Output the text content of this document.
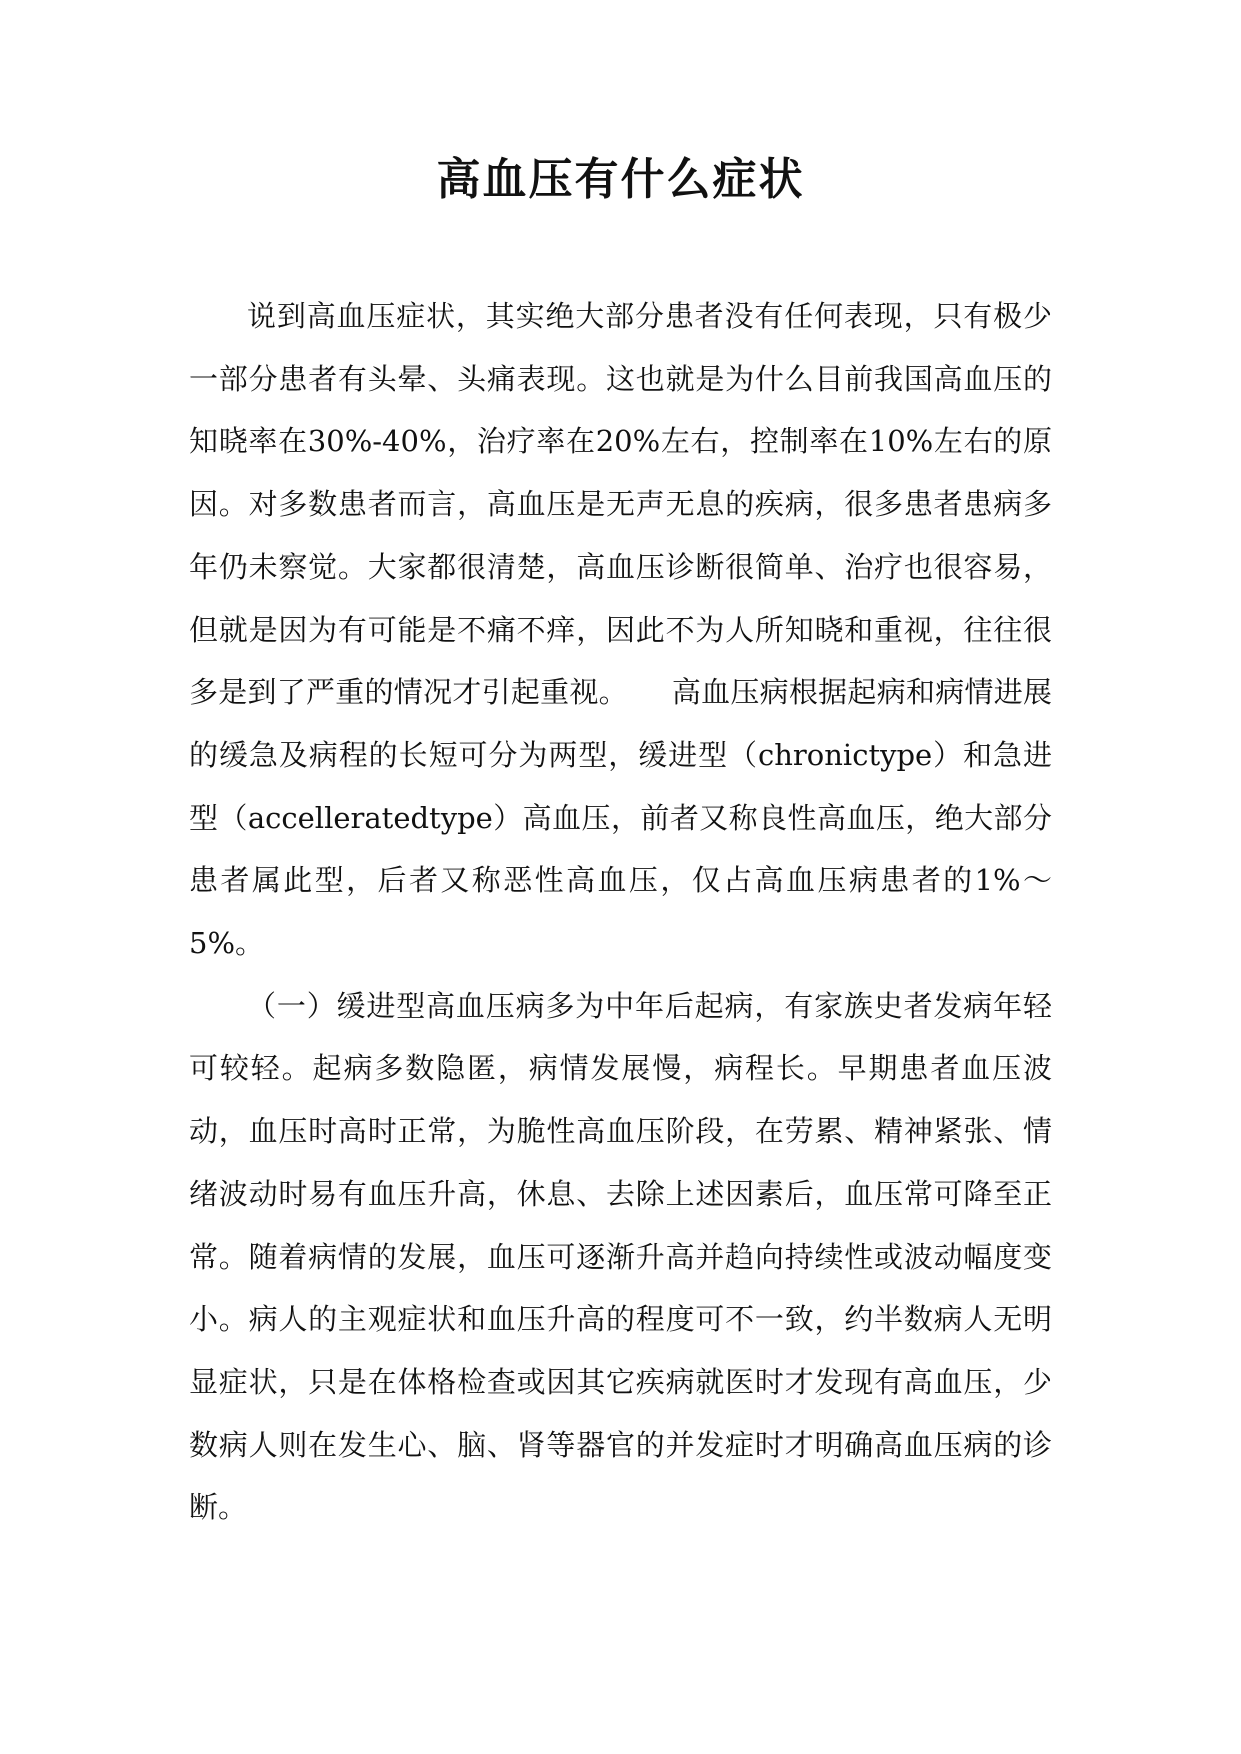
高血压有什么症状

说到高血压症状，其实绝大部分患者没有任何表现，只有极少一部分患者有头晕、头痛表现。这也就是为什么目前我国高血压的知晓率在30%-40%，治疗率在20%左右，控制率在10%左右的原因。对多数患者而言，高血压是无声无息的疾病，很多患者患病多年仍未察觉。大家都很清楚，高血压诊断很简单、治疗也很容易，但就是因为有可能是不痛不痒，因此不为人所知晓和重视，往往很多是到了严重的情况才引起重视。　　高血压病根据起病和病情进展的缓急及病程的长短可分为两型，缓进型（chronictype）和急进型（accelleratedtype）高血压，前者又称良性高血压，绝大部分患者属此型，后者又称恶性高血压，仅占高血压病患者的1%～5%。

（一）缓进型高血压病多为中年后起病，有家族史者发病年轻可较轻。起病多数隐匿，病情发展慢，病程长。早期患者血压波动，血压时高时正常，为脆性高血压阶段，在劳累、精神紧张、情绪波动时易有血压升高，休息、去除上述因素后，血压常可降至正常。随着病情的发展，血压可逐渐升高并趋向持续性或波动幅度变小。病人的主观症状和血压升高的程度可不一致，约半数病人无明显症状，只是在体格检查或因其它疾病就医时才发现有高血压，少数病人则在发生心、脑、肾等器官的并发症时才明确高血压病的诊断。
